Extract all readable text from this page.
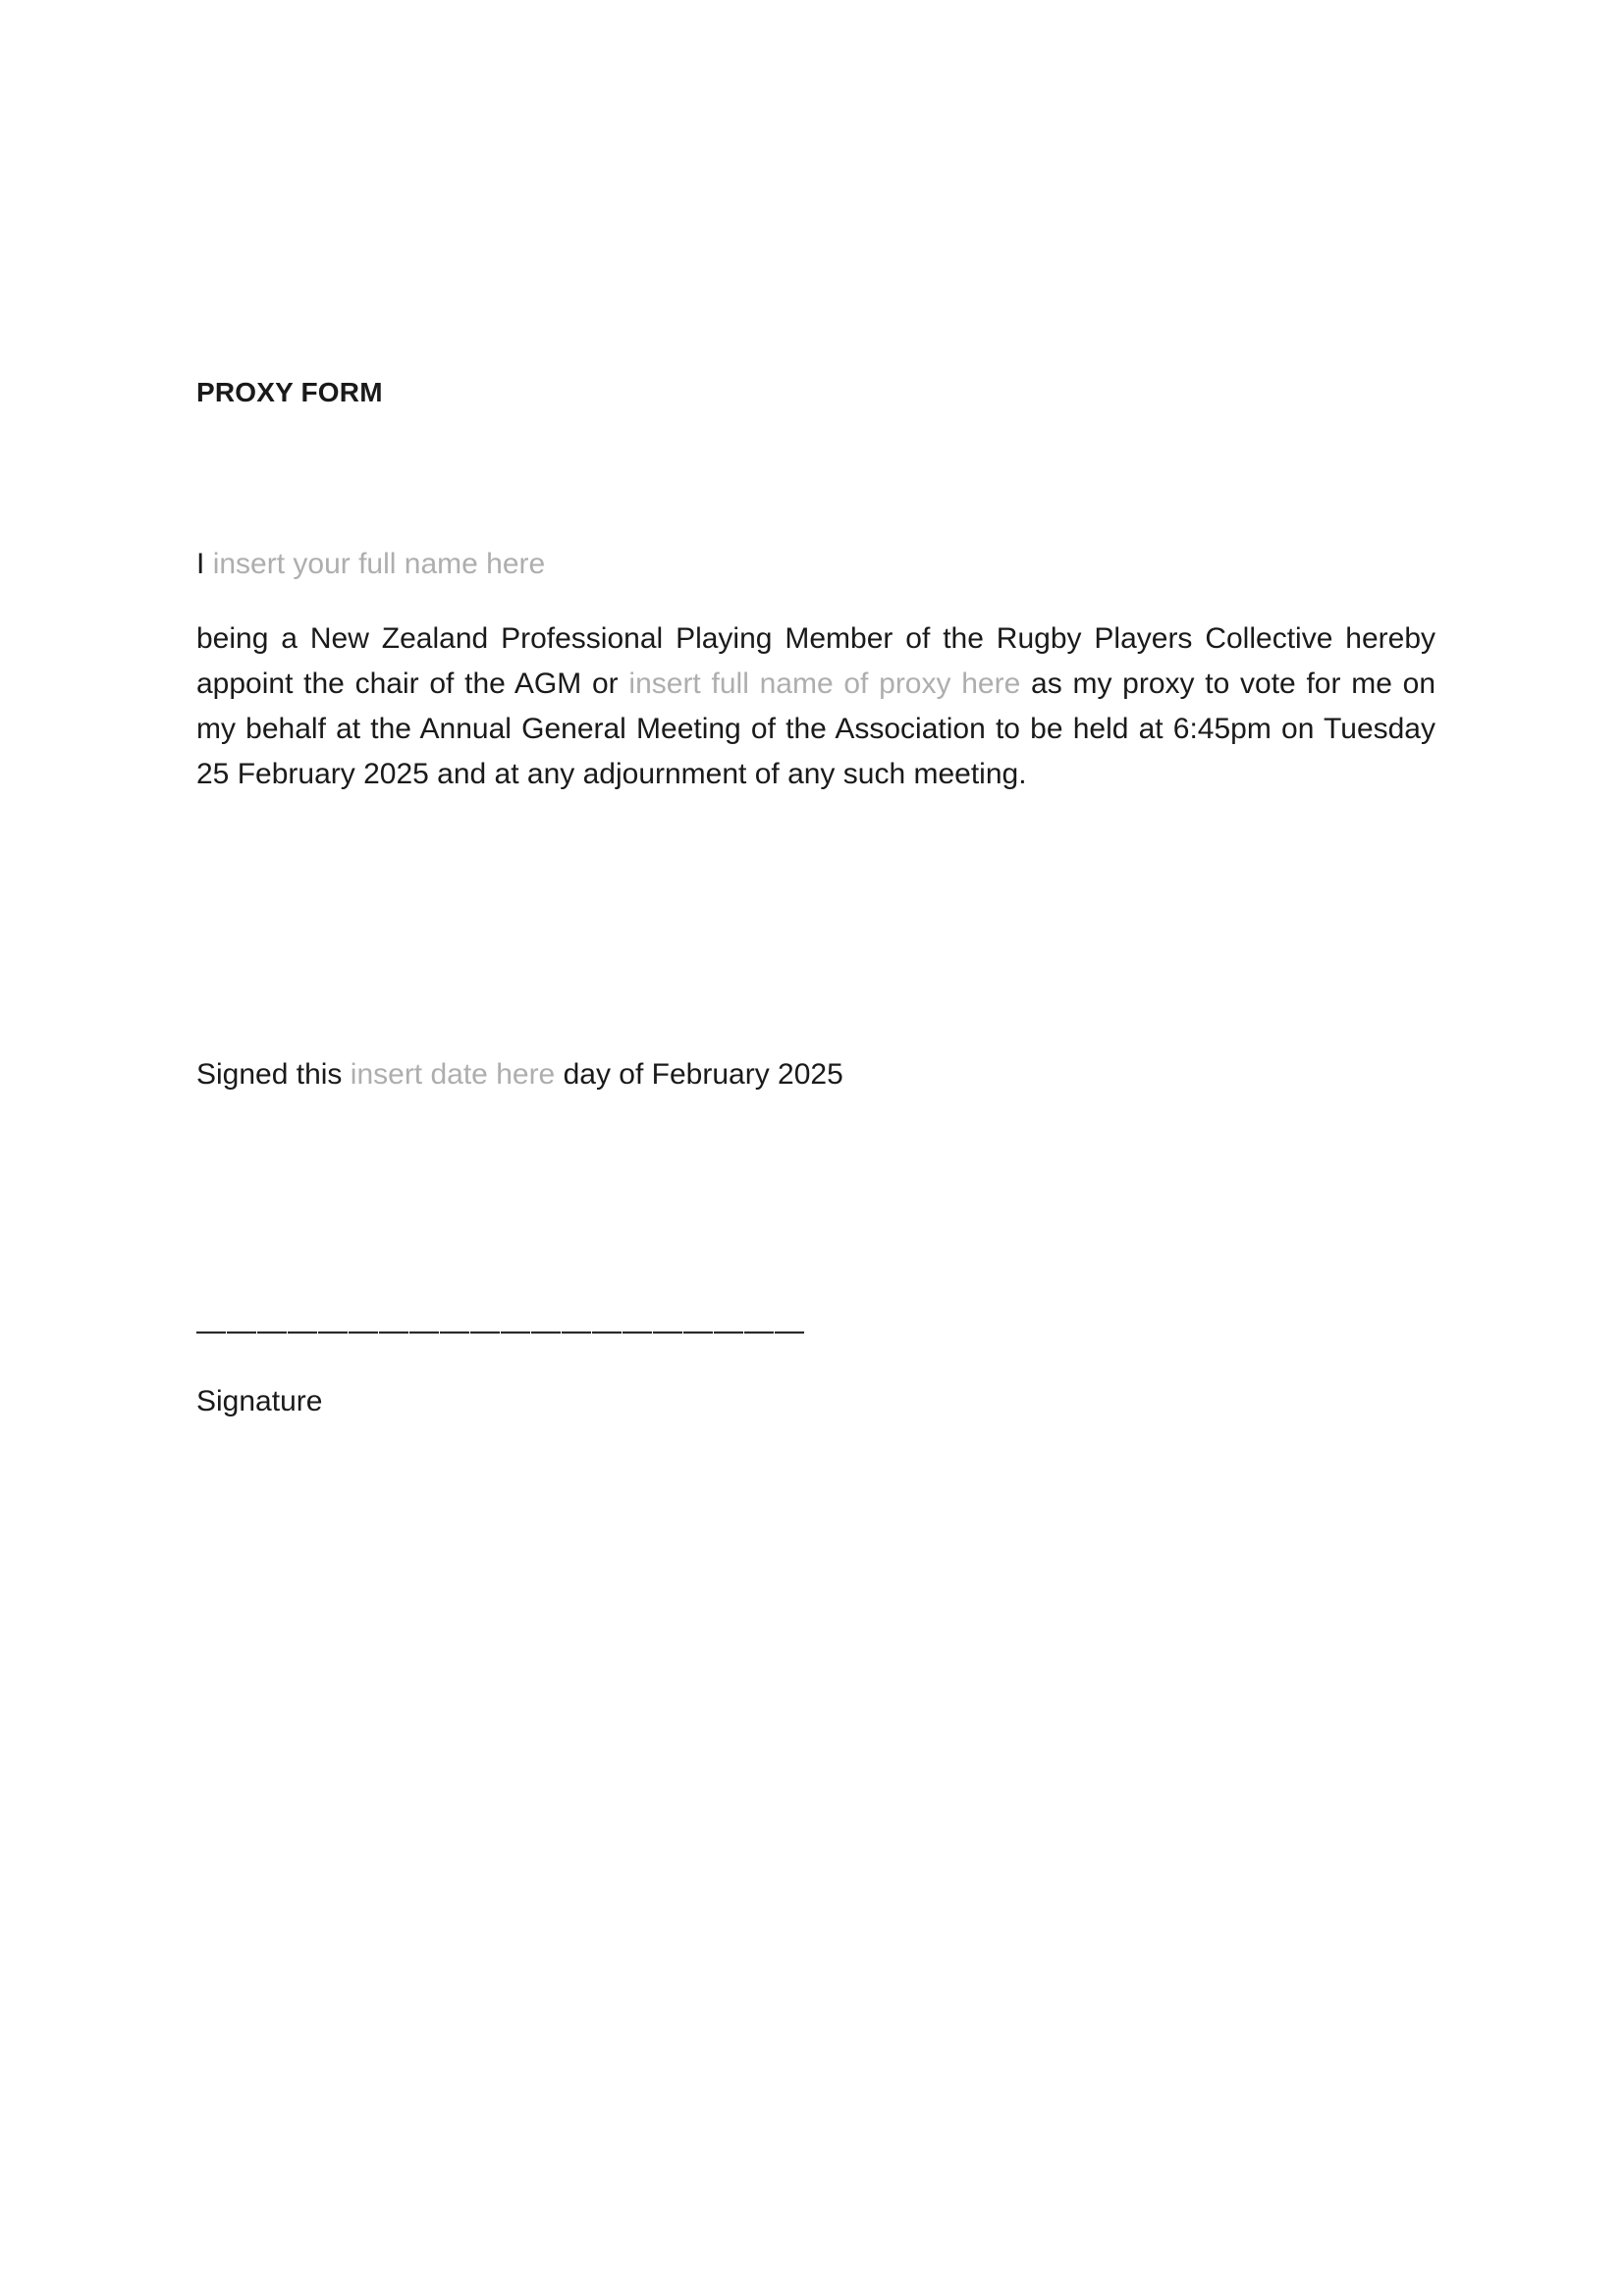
PROXY FORM
I insert your full name here
being a New Zealand Professional Playing Member of the Rugby Players Collective hereby appoint the chair of the AGM or insert full name of proxy here as my proxy to vote for me on my behalf at the Annual General Meeting of the Association to be held at 6:45pm on Tuesday 25 February 2025 and at any adjournment of any such meeting.
Signed this insert date here day of February 2025
————————————————————
Signature
